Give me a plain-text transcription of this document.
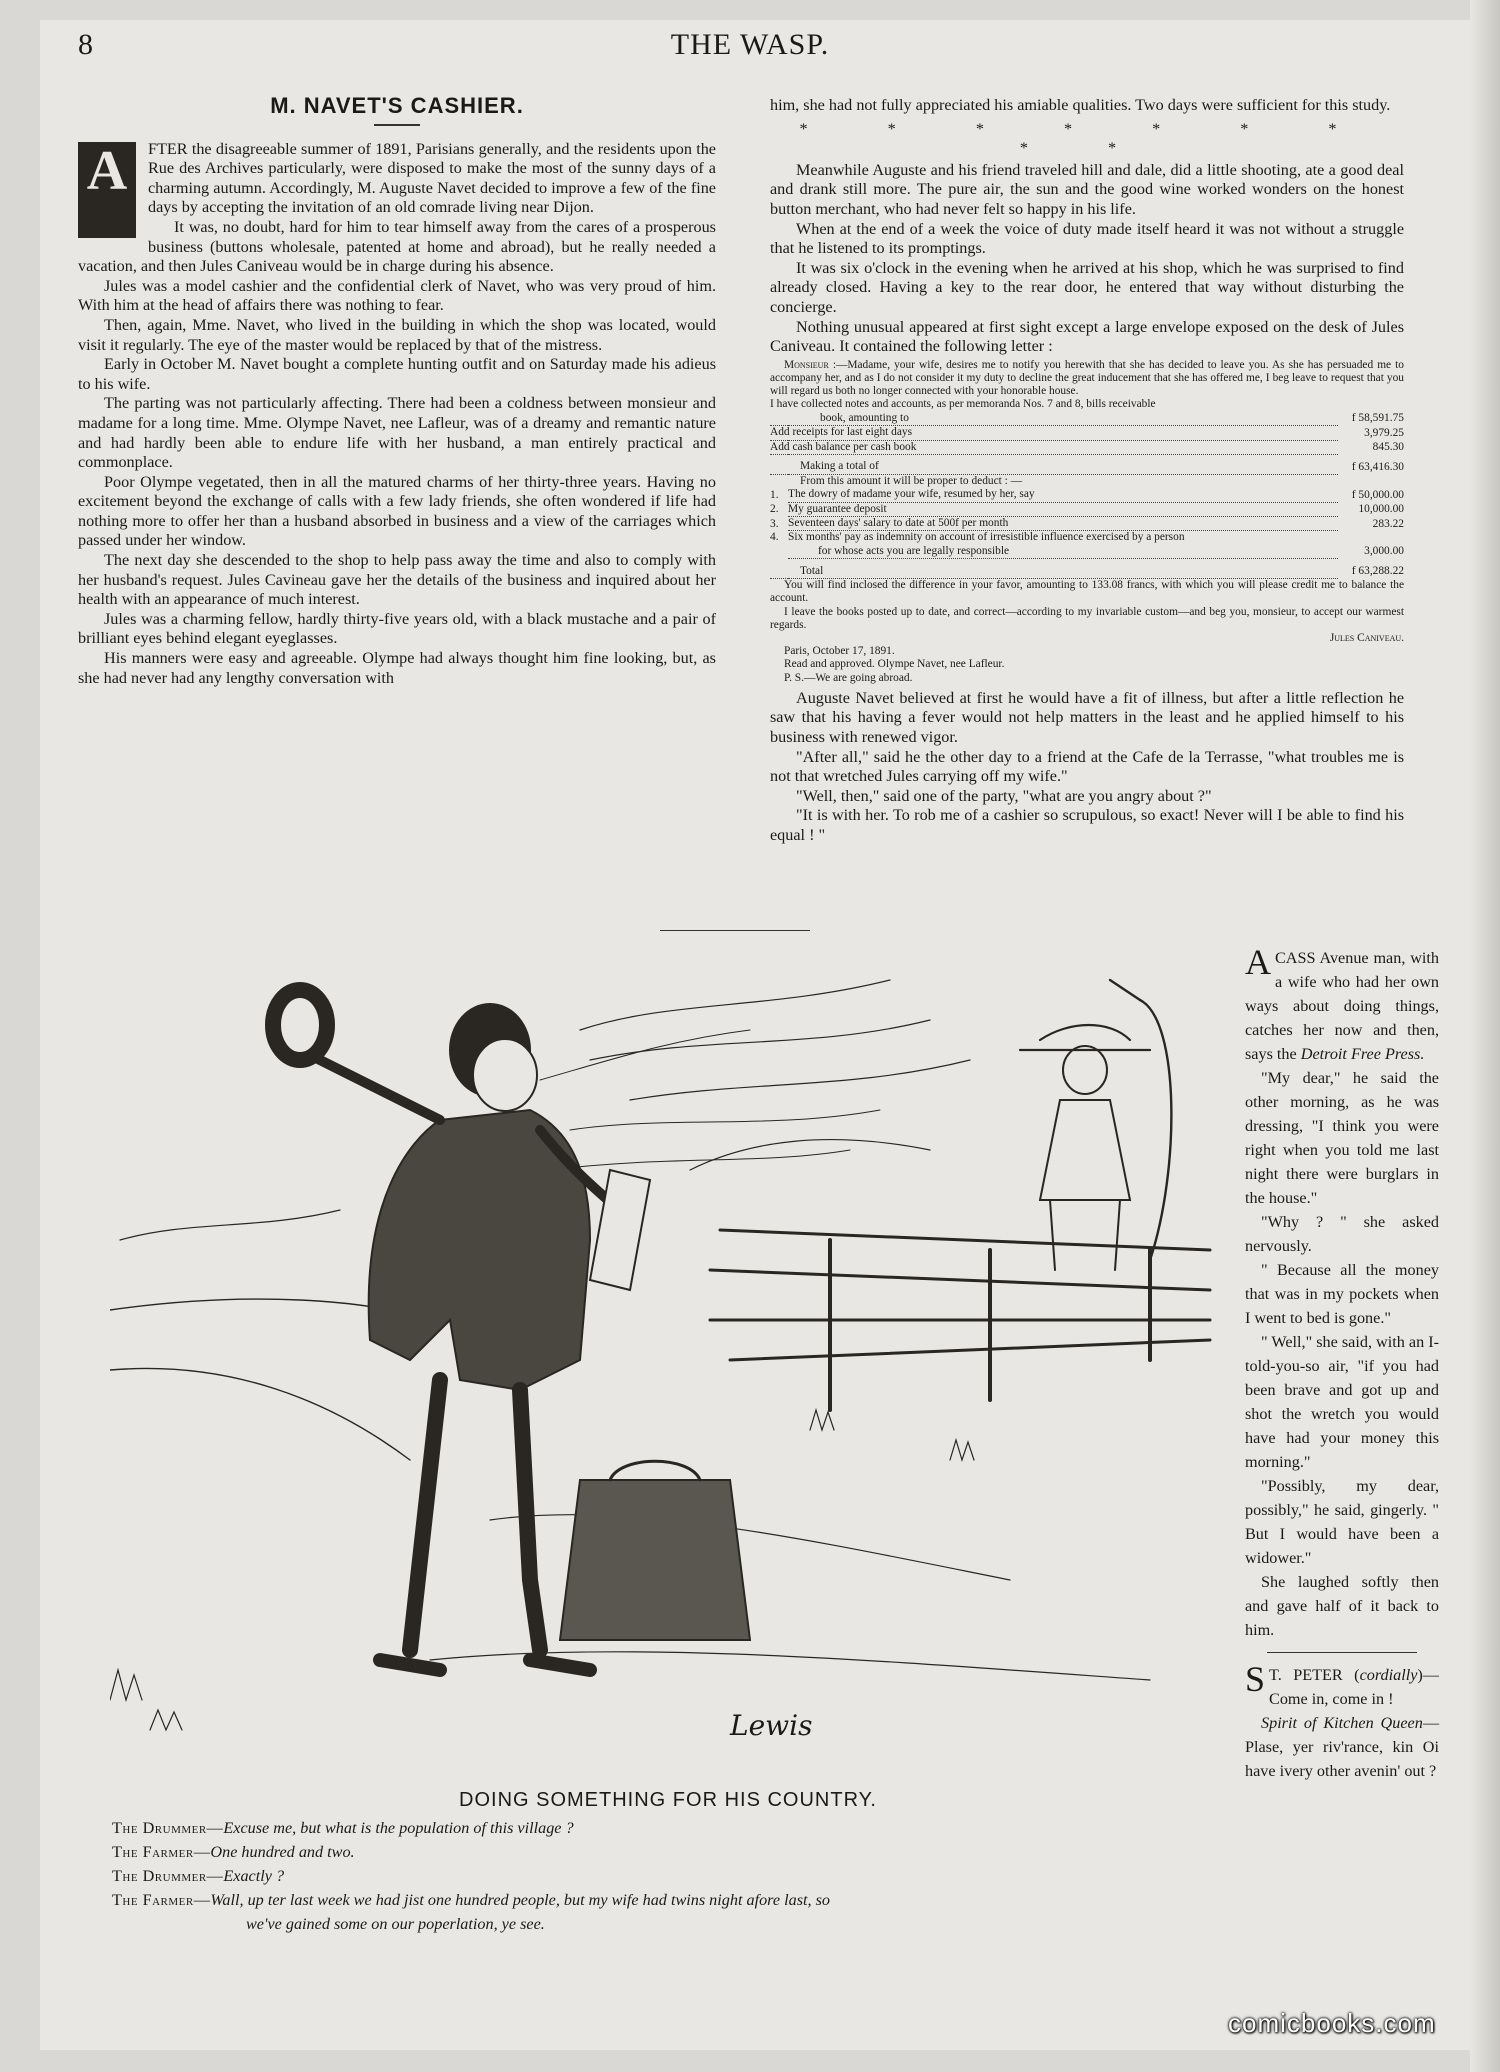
8	THE WASP.
M. NAVET'S CASHIER.
A	FTER the disagreeable summer of 1891, Parisians generally, and the residents upon the Rue des Archives particularly, were disposed to make the most of the sunny days of a charming autumn. Accordingly, M. Auguste Navet decided to improve a few of the fine days by accepting the invitation of an old comrade living near Dijon.

It was, no doubt, hard for him to tear himself away from the cares of a prosperous business (buttons wholesale, patented at home and abroad), but he really needed a vacation, and then Jules Caniveau would be in charge during his absence.

Jules was a model cashier and the confidential clerk of Navet, who was very proud of him. With him at the head of affairs there was nothing to fear.

Then, again, Mme. Navet, who lived in the building in which the shop was located, would visit it regularly. The eye of the master would be replaced by that of the mistress.

Early in October M. Navet bought a complete hunting outfit and on Saturday made his adieus to his wife.

The parting was not particularly affecting. There had been a coldness between monsieur and madame for a long time. Mme. Olympe Navet, nee Lafleur, was of a dreamy and remantic nature and had hardly been able to endure life with her husband, a man entirely practical and commonplace.

Poor Olympe vegetated, then in all the matured charms of her thirty-three years. Having no excitement beyond the exchange of calls with a few lady friends, she often wondered if life had nothing more to offer her than a husband absorbed in business and a view of the carriages which passed under her window.

The next day she descended to the shop to help pass away the time and also to comply with her husband's request. Jules Cavineau gave her the details of the business and inquired about her health with an appearance of much interest.

Jules was a charming fellow, hardly thirty-five years old, with a black mustache and a pair of brilliant eyes behind elegant eyeglasses.

His manners were easy and agreeable. Olympe had always thought him fine looking, but, as she had never had any lengthy conversation with

him, she had not fully appreciated his amiable qualities. Two days were sufficient for this study.

* * * * * * * * *

Meanwhile Auguste and his friend traveled hill and dale, did a little shooting, ate a good deal and drank still more. The pure air, the sun and the good wine worked wonders on the honest button merchant, who had never felt so happy in his life.

When at the end of a week the voice of duty made itself heard it was not without a struggle that he listened to its promptings.

It was six o'clock in the evening when he arrived at his shop, which he was surprised to find already closed. Having a key to the rear door, he entered that way without disturbing the concierge.

Nothing unusual appeared at first sight except a large envelope exposed on the desk of Jules Caniveau. It contained the following letter :

Monsieur :—Madame, your wife, desires me to notify you herewith that she has decided to leave you. As she has persuaded me to accompany her, and as I do not consider it my duty to decline the great inducement that she has offered me, I beg leave to request that you will regard us both no longer connected with your honorable house.

I have collected notes and accounts, as per memoranda Nos. 7 and 8, bills receivable		
book, amounting to		f 58,591.75
Add receipts for last eight days		3,979.25
Add cash balance per cash book		845.30

Making a total of		f 63,416.30
From this amount it will be proper to deduct : —		
1.	The dowry of madame your wife, resumed by her, say	f 50,000.00
2.	My guarantee deposit	10,000.00
3.	Seventeen days' salary to date at 500f per month	283.22
4.	Six months' pay as indemnity on account of irresistible influence exercised by a person	
	for whose acts you are legally responsible	3,000.00

Total		f 63,288.22

You will find inclosed the difference in your favor, amounting to 133.08 francs, with which you will please credit me to balance the account.

I leave the books posted up to date, and correct—according to my invariable custom—and beg you, monsieur, to accept our warmest regards.

Jules Caniveau.
Paris, October 17, 1891.
Read and approved. Olympe Navet, nee Lafleur.
P. S.—We are going abroad.

Auguste Navet believed at first he would have a fit of illness, but after a little reflection he saw that his having a fever would not help matters in the least and he applied himself to his business with renewed vigor.

"After all," said he the other day to a friend at the Cafe de la Terrasse, "what troubles me is not that wretched Jules carrying off my wife."

"Well, then," said one of the party, "what are you angry about ?"

"It is with her. To rob me of a cashier so scrupulous, so exact! Never will I be able to find his equal ! "

Lewis
DOING SOMETHING FOR HIS COUNTRY.
The Drummer—Excuse me, but what is the population of this village ?
The Farmer—One hundred and two.
The Drummer—Exactly ?
The Farmer—Wall, up ter last week we had jist one hundred people, but my wife had twins night afore last, so
we've gained some on our poperlation, ye see.

ACASS Avenue man, with a wife who had her own ways about doing things, catches her now and then, says the Detroit Free Press.

"My dear," he said the other morning, as he was dressing, "I think you were right when you told me last night there were burglars in the house."

"Why ? " she asked nervously.

" Because all the money that was in my pockets when I went to bed is gone."

" Well," she said, with an I-told-you-so air, "if you had been brave and got up and shot the wretch you would have had your money this morning."

"Possibly, my dear, possibly," he said, gingerly. " But I would have been a widower."

She laughed softly then and gave half of it back to him.

S T. PETER (cordially)—Come in, come in !

Spirit of Kitchen Queen—Plase, yer riv'rance, kin Oi have ivery other avenin' out ?

comicbooks.com
